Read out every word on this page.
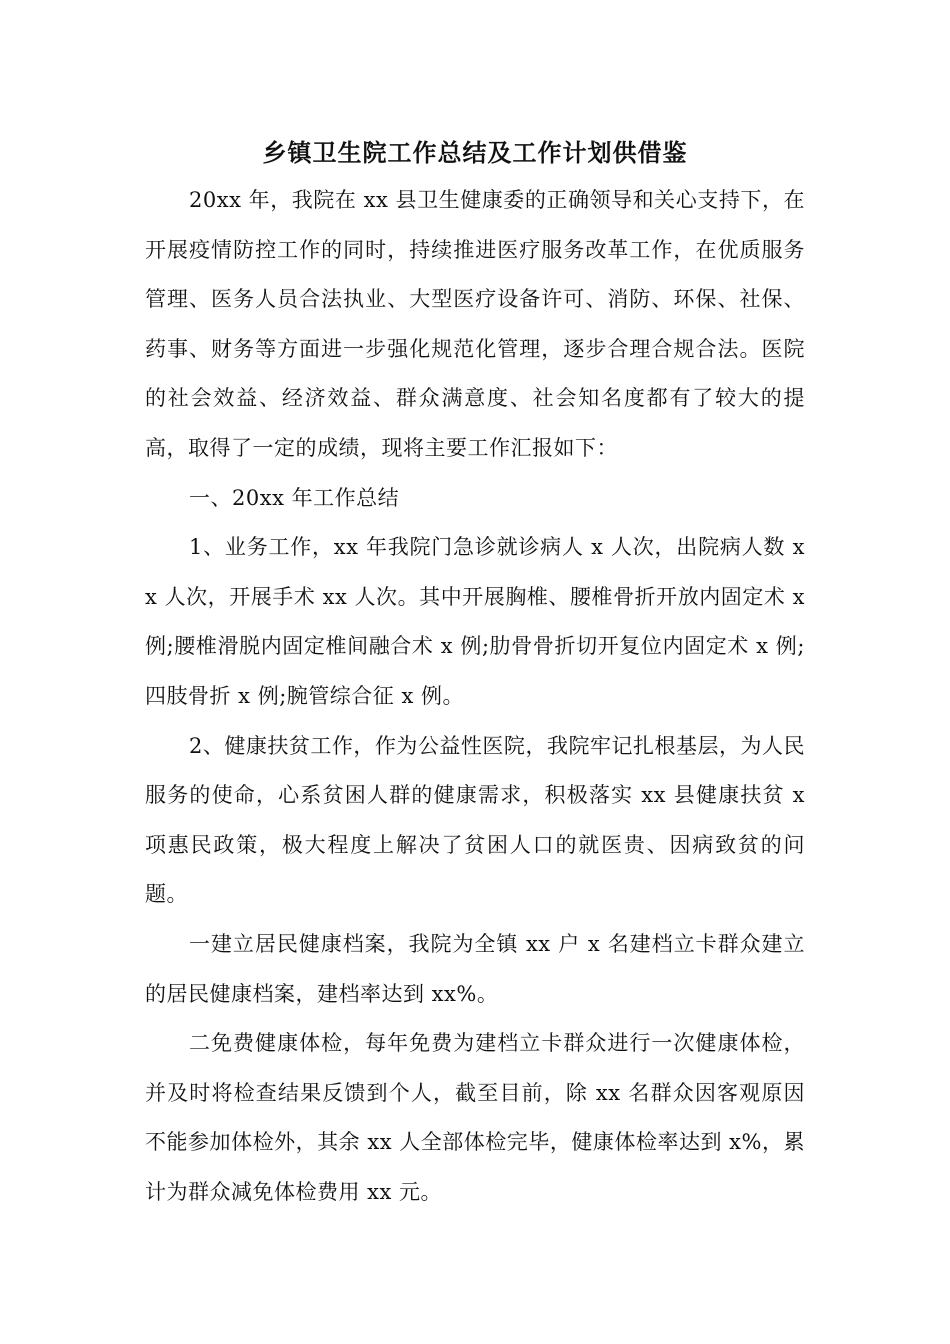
乡镇卫生院工作总结及工作计划供借鉴

20xx 年，我院在 xx 县卫生健康委的正确领导和关心支持下，在开展疫情防控工作的同时，持续推进医疗服务改革工作，在优质服务管理、医务人员合法执业、大型医疗设备许可、消防、环保、社保、药事、财务等方面进一步强化规范化管理，逐步合理合规合法。医院的社会效益、经济效益、群众满意度、社会知名度都有了较大的提高，取得了一定的成绩，现将主要工作汇报如下：

一、20xx 年工作总结

1、业务工作，xx 年我院门急诊就诊病人 x 人次，出院病人数 xx 人次，开展手术 xx 人次。其中开展胸椎、腰椎骨折开放内固定术 x 例;腰椎滑脱内固定椎间融合术 x 例;肋骨骨折切开复位内固定术 x 例;四肢骨折 x 例;腕管综合征 x 例。

2、健康扶贫工作，作为公益性医院，我院牢记扎根基层，为人民服务的使命，心系贫困人群的健康需求，积极落实 xx 县健康扶贫 x 项惠民政策，极大程度上解决了贫困人口的就医贵、因病致贫的问题。

一建立居民健康档案，我院为全镇 xx 户 x 名建档立卡群众建立的居民健康档案，建档率达到 xx%。

二免费健康体检，每年免费为建档立卡群众进行一次健康体检，并及时将检查结果反馈到个人，截至目前，除 xx 名群众因客观原因不能参加体检外，其余 xx 人全部体检完毕，健康体检率达到 x%，累计为群众减免体检费用 xx 元。
